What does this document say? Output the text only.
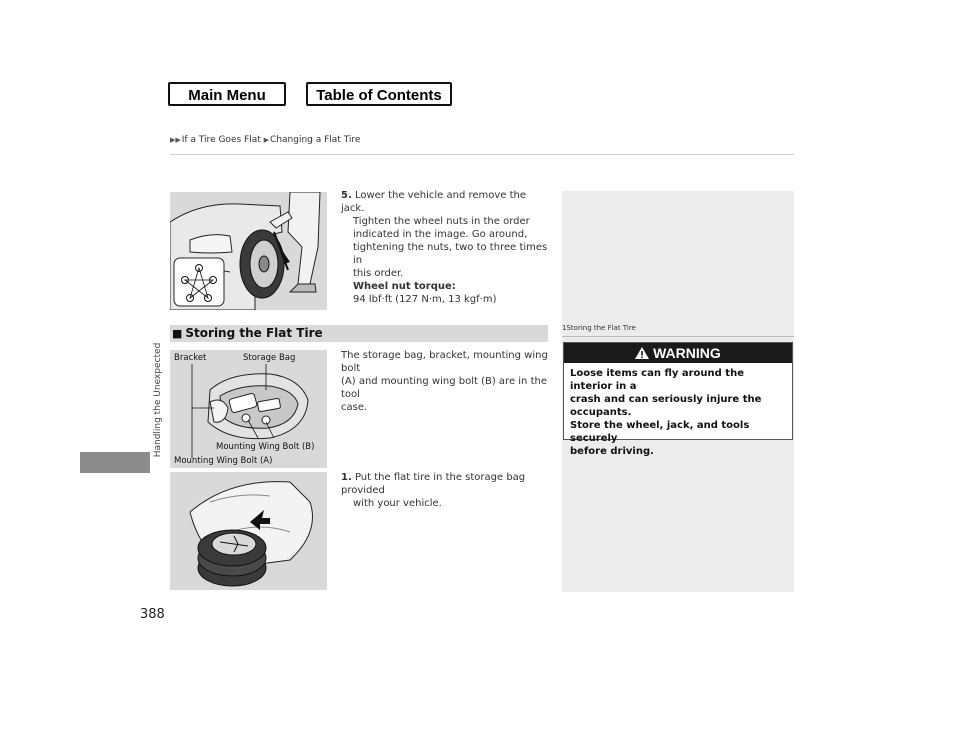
Main Menu	Table of Contents
▶▶If a Tire Goes Flat ▶Changing a Flat Tire
Handling the Unexpected
388
5. Lower the vehicle and remove the jack.
Tighten the wheel nuts in the order
indicated in the image. Go around,
tightening the nuts, two to three times in
this order.
Wheel nut torque:
94 lbf·ft (127 N·m, 13 kgf·m)
■ Storing the Flat Tire
Bracket	Storage Bag
Mounting Wing Bolt (B)
Mounting Wing Bolt (A)
The storage bag, bracket, mounting wing bolt
(A) and mounting wing bolt (B) are in the tool
case.
1. Put the flat tire in the storage bag provided
with your vehicle.
1Storing the Flat Tire
WARNING
Loose items can fly around the interior in a
crash and can seriously injure the
occupants.
Store the wheel, jack, and tools securely
before driving.
